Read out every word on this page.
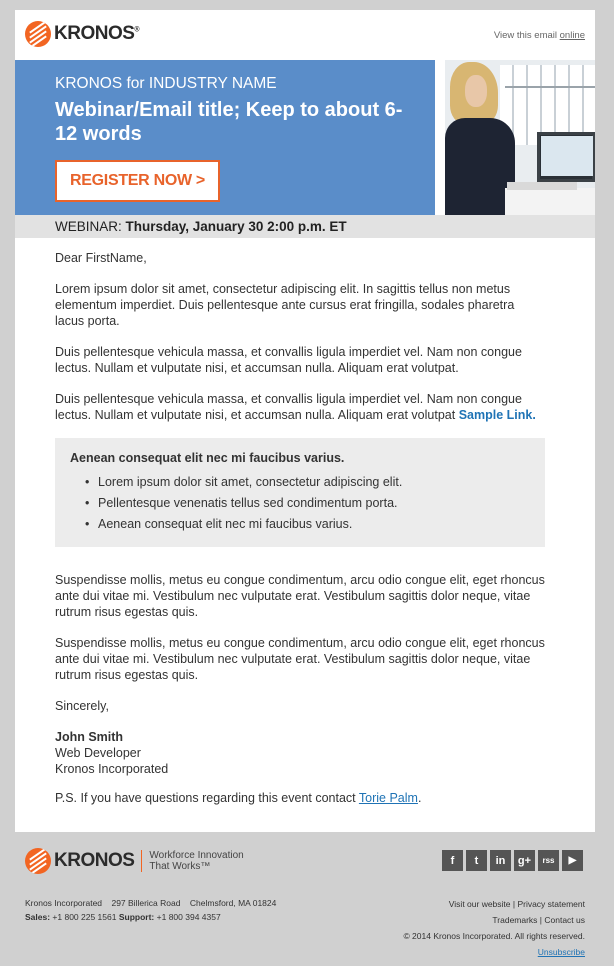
KRONOS®	View this email online
KRONOS for INDUSTRY NAME
Webinar/Email title; Keep to about 6-12 words
REGISTER NOW >
WEBINAR: Thursday, January 30 2:00 p.m. ET

Dear FirstName,

Lorem ipsum dolor sit amet, consectetur adipiscing elit. In sagittis tellus non metus elementum imperdiet. Duis pellentesque ante cursus erat fringilla, sodales pharetra lacus porta.

Duis pellentesque vehicula massa, et convallis ligula imperdiet vel. Nam non congue lectus. Nullam et vulputate nisi, et accumsan nulla. Aliquam erat volutpat.

Duis pellentesque vehicula massa, et convallis ligula imperdiet vel. Nam non congue lectus. Nullam et vulputate nisi, et accumsan nulla. Aliquam erat volutpat Sample Link.

Aenean consequat elit nec mi faucibus varius.
• Lorem ipsum dolor sit amet, consectetur adipiscing elit.
• Pellentesque venenatis tellus sed condimentum porta.
• Aenean consequat elit nec mi faucibus varius.

Suspendisse mollis, metus eu congue condimentum, arcu odio congue elit, eget rhoncus ante dui vitae mi. Vestibulum nec vulputate erat. Vestibulum sagittis dolor neque, vitae rutrum risus egestas quis.

Suspendisse mollis, metus eu congue condimentum, arcu odio congue elit, eget rhoncus ante dui vitae mi. Vestibulum nec vulputate erat. Vestibulum sagittis dolor neque, vitae rutrum risus egestas quis.

Sincerely,

John Smith
Web Developer
Kronos Incorporated

P.S. If you have questions regarding this event contact Torie Palm.

KRONOS Workforce Innovation
That Works™	f	t	in	g+	rss	▶
Kronos Incorporated    297 Billerica Road    Chelmsford, MA 01824
Sales: +1 800 225 1561 Support: +1 800 394 4357
Visit our website | Privacy statement
Trademarks | Contact us
© 2014 Kronos Incorporated. All rights reserved.
Unsubscribe
